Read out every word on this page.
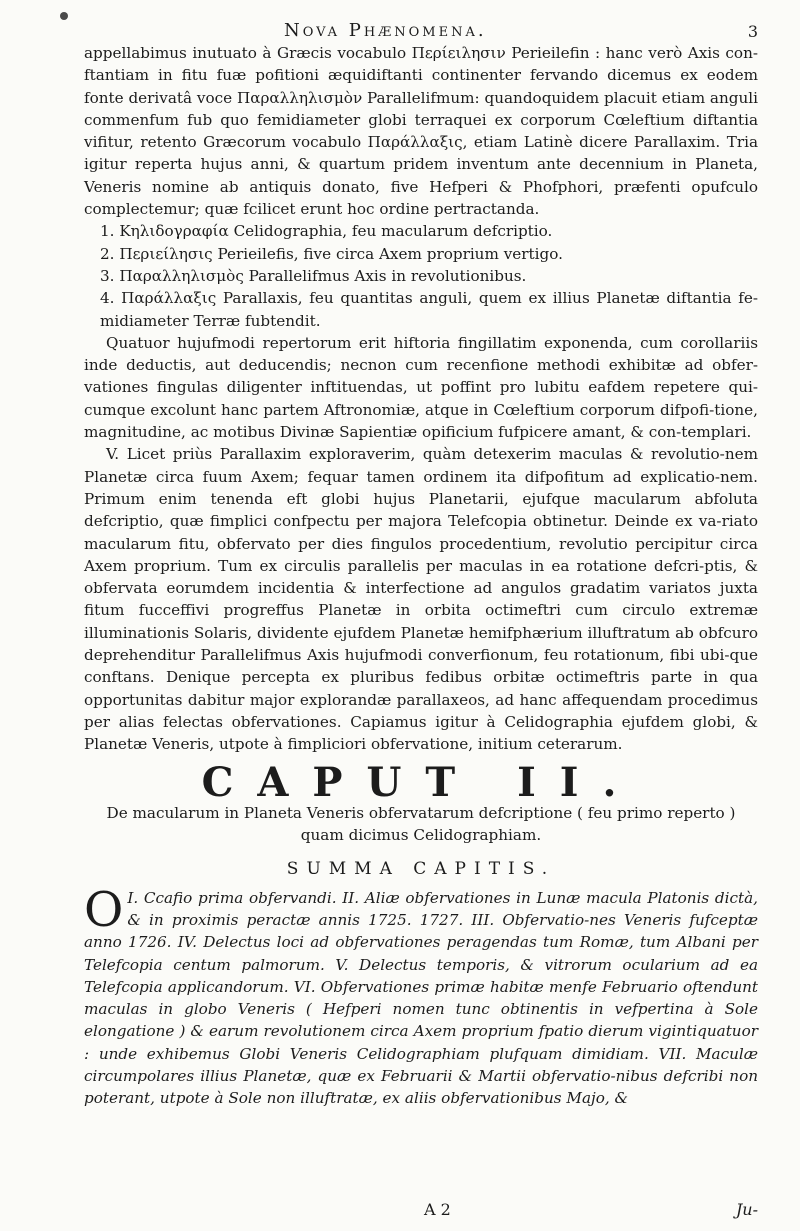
Nova Phænomena.	3

appellabimus inutuato à Græcis vocabulo Περίειλησιν Perieilefin : hanc verò Axis con-ftantiam in fitu fuæ pofitioni æquidiftanti continenter fervando dicemus ex eodem fonte derivatâ voce Παραλληλισμὸν Parallelifmum: quandoquidem placuit etiam anguli commenfum fub quo femidiameter globi terraquei ex corporum Cœleftium diftantia vifitur, retento Græcorum vocabulo Παράλλαξις, etiam Latinè dicere Parallaxim. Tria igitur reperta hujus anni, & quartum pridem inventum ante decennium in Planeta, Veneris nomine ab antiquis donato, five Hefperi & Phofphori, præfenti opufculo complectemur; quæ fcilicet erunt hoc ordine pertractanda.

1. Κηλιδογραφία Celidographia, feu macularum defcriptio.

2. Περιείλησις Perieilefis, five circa Axem proprium vertigo.

3. Παραλληλισμὸς Parallelifmus Axis in revolutionibus.

4. Παράλλαξις Parallaxis, feu quantitas anguli, quem ex illius Planetæ diftantia fe-midiameter Terræ fubtendit.

Quatuor hujufmodi repertorum erit hiftoria fingillatim exponenda, cum corollariis inde deductis, aut deducendis; necnon cum recenfione methodi exhibitæ ad obfer-vationes fingulas diligenter inftituendas, ut poffint pro lubitu eafdem repetere qui-cumque excolunt hanc partem Aftronomiæ, atque in Cœleftium corporum difpofi-tione, magnitudine, ac motibus Divinæ Sapientiæ opificium fufpicere amant, & con-templari.

V. Licet priùs Parallaxim exploraverim, quàm detexerim maculas & revolutio-nem Planetæ circa fuum Axem; fequar tamen ordinem ita difpofitum ad explicatio-nem. Primum enim tenenda eft globi hujus Planetarii, ejufque macularum abfoluta defcriptio, quæ fimplici confpectu per majora Telefcopia obtinetur. Deinde ex va-riato macularum fitu, obfervato per dies fingulos procedentium, revolutio percipitur circa Axem proprium. Tum ex circulis parallelis per maculas in ea rotatione defcri-ptis, & obfervata eorumdem incidentia & interfectione ad angulos gradatim variatos juxta fitum fucceffivi progreffus Planetæ in orbita octimeftri cum circulo extremæ illuminationis Solaris, dividente ejufdem Planetæ hemifphærium illuftratum ab obfcuro deprehenditur Parallelifmus Axis hujufmodi converfionum, feu rotationum, fibi ubi-que conftans. Denique percepta ex pluribus fedibus orbitæ octimeftris parte in qua opportunitas dabitur major explorandæ parallaxeos, ad hanc affequendam procedimus per alias felectas obfervationes. Capiamus igitur à Celidographia ejufdem globi, & Planetæ Veneris, utpote à fimpliciori obfervatione, initium ceterarum.

CAPUT II.

De macularum in Planeta Veneris obfervatarum defcriptione ( feu primo reperto )

quam dicimus Celidographiam.

SUMMA CAPITIS.

O I. Ccafio prima obfervandi. II. Aliæ obfervationes in Lunæ macula Platonis dictà, & in proximis peractæ annis 1725. 1727. III. Obfervatio-nes Veneris fufceptæ anno 1726. IV. Delectus loci ad obfervationes peragendas tum Romæ, tum Albani per Telefcopia centum palmorum. V. Delectus temporis, & vitrorum ocularium ad ea Telefcopia applicandorum. VI. Obfervationes primæ habitæ menfe Februario oftendunt maculas in globo Veneris ( Hefperi nomen tunc obtinentis in vefpertina à Sole elongatione ) & earum revolutionem circa Axem proprium fpatio dierum vigintiquatuor : unde exhibemus Globi Veneris Celidographiam plufquam dimidiam. VII. Maculæ circumpolares illius Planetæ, quæ ex Februarii & Martii obfervatio-nibus defcribi non poterant, utpote à Sole non illuftratæ, ex aliis obfervationibus Majo, &

A 2	Ju-
